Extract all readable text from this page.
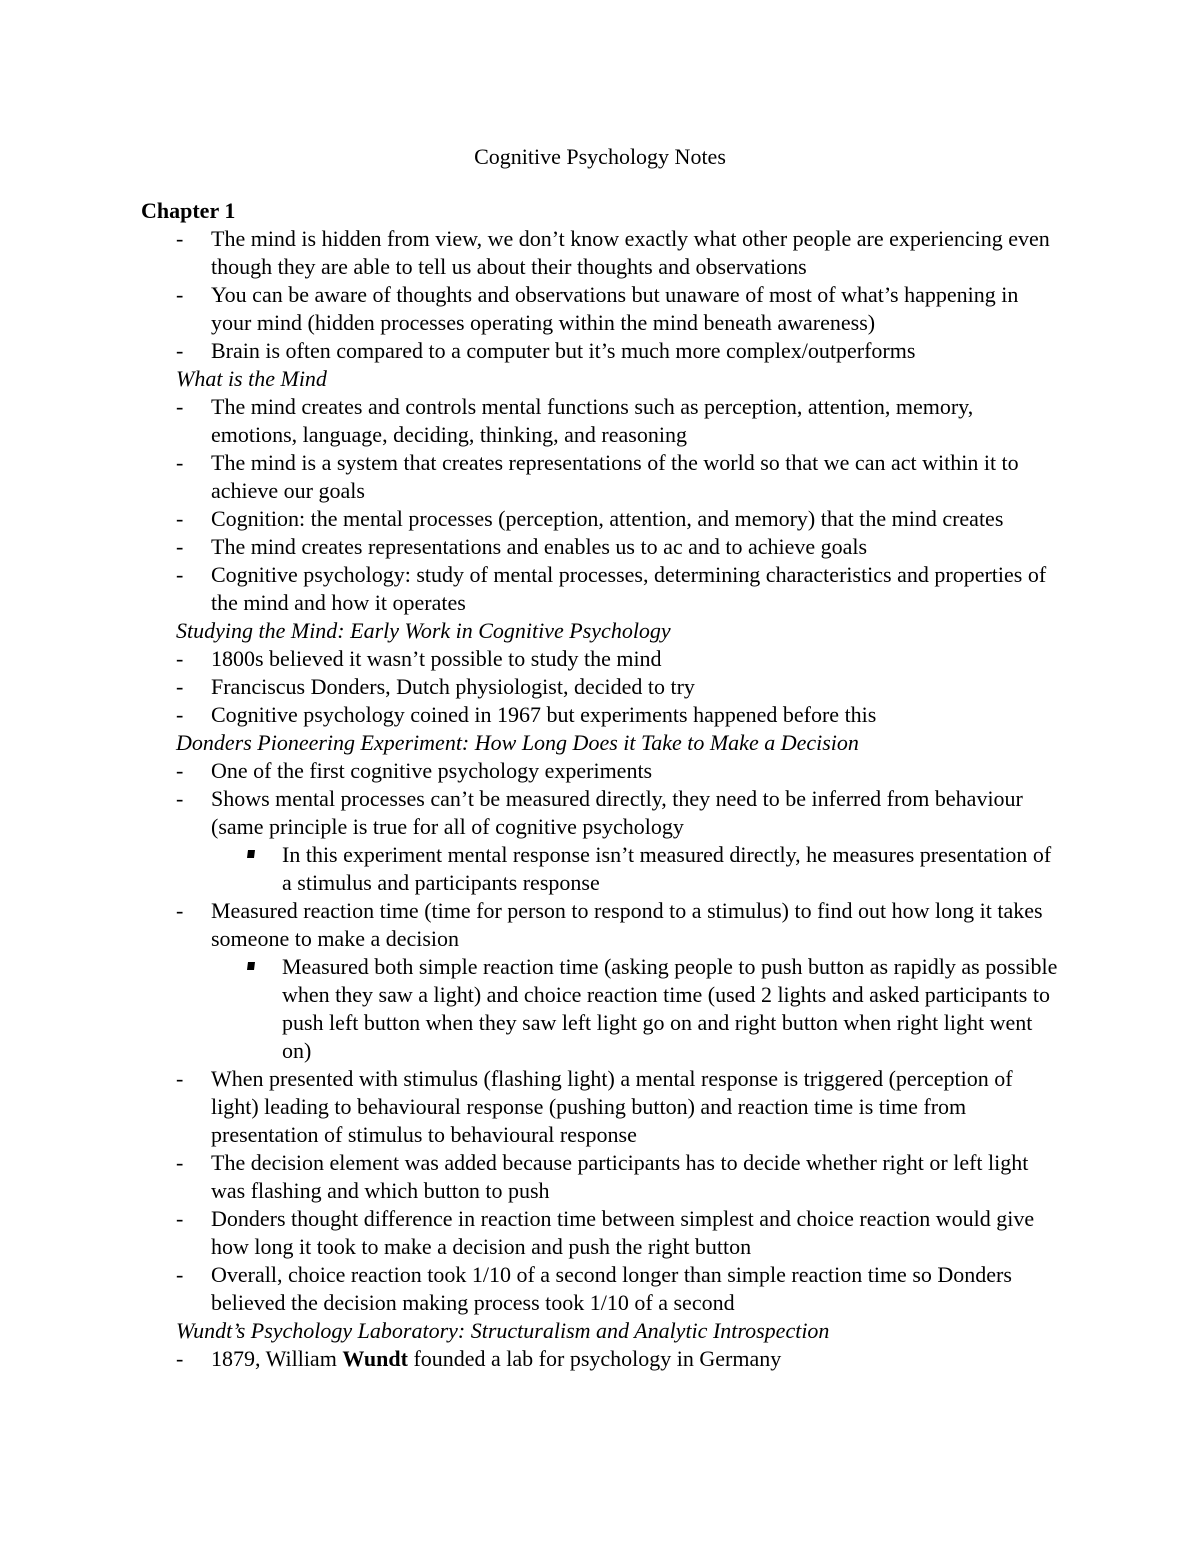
Cognitive Psychology Notes

Chapter 1

- The mind is hidden from view, we don’t know exactly what other people are experiencing even though they are able to tell us about their thoughts and observations
- You can be aware of thoughts and observations but unaware of most of what’s happening in your mind (hidden processes operating within the mind beneath awareness)
- Brain is often compared to a computer but it’s much more complex/outperforms
What is the Mind
- The mind creates and controls mental functions such as perception, attention, memory, emotions, language, deciding, thinking, and reasoning
- The mind is a system that creates representations of the world so that we can act within it to achieve our goals
- Cognition: the mental processes (perception, attention, and memory) that the mind creates
- The mind creates representations and enables us to ac and to achieve goals
- Cognitive psychology: study of mental processes, determining characteristics and properties of the mind and how it operates
Studying the Mind: Early Work in Cognitive Psychology
- 1800s believed it wasn’t possible to study the mind
- Franciscus Donders, Dutch physiologist, decided to try
- Cognitive psychology coined in 1967 but experiments happened before this
Donders Pioneering Experiment: How Long Does it Take to Make a Decision
- One of the first cognitive psychology experiments
- Shows mental processes can’t be measured directly, they need to be inferred from behaviour (same principle is true for all of cognitive psychology
In this experiment mental response isn’t measured directly, he measures presentation of a stimulus and participants response
- Measured reaction time (time for person to respond to a stimulus) to find out how long it takes someone to make a decision
Measured both simple reaction time (asking people to push button as rapidly as possible when they saw a light) and choice reaction time (used 2 lights and asked participants to push left button when they saw left light go on and right button when right light went on)
- When presented with stimulus (flashing light) a mental response is triggered (perception of light) leading to behavioural response (pushing button) and reaction time is time from presentation of stimulus to behavioural response
- The decision element was added because participants has to decide whether right or left light was flashing and which button to push
- Donders thought difference in reaction time between simplest and choice reaction would give how long it took to make a decision and push the right button
- Overall, choice reaction took 1/10 of a second longer than simple reaction time so Donders believed the decision making process took 1/10 of a second
Wundt’s Psychology Laboratory: Structuralism and Analytic Introspection
- 1879, William Wundt founded a lab for psychology in Germany
